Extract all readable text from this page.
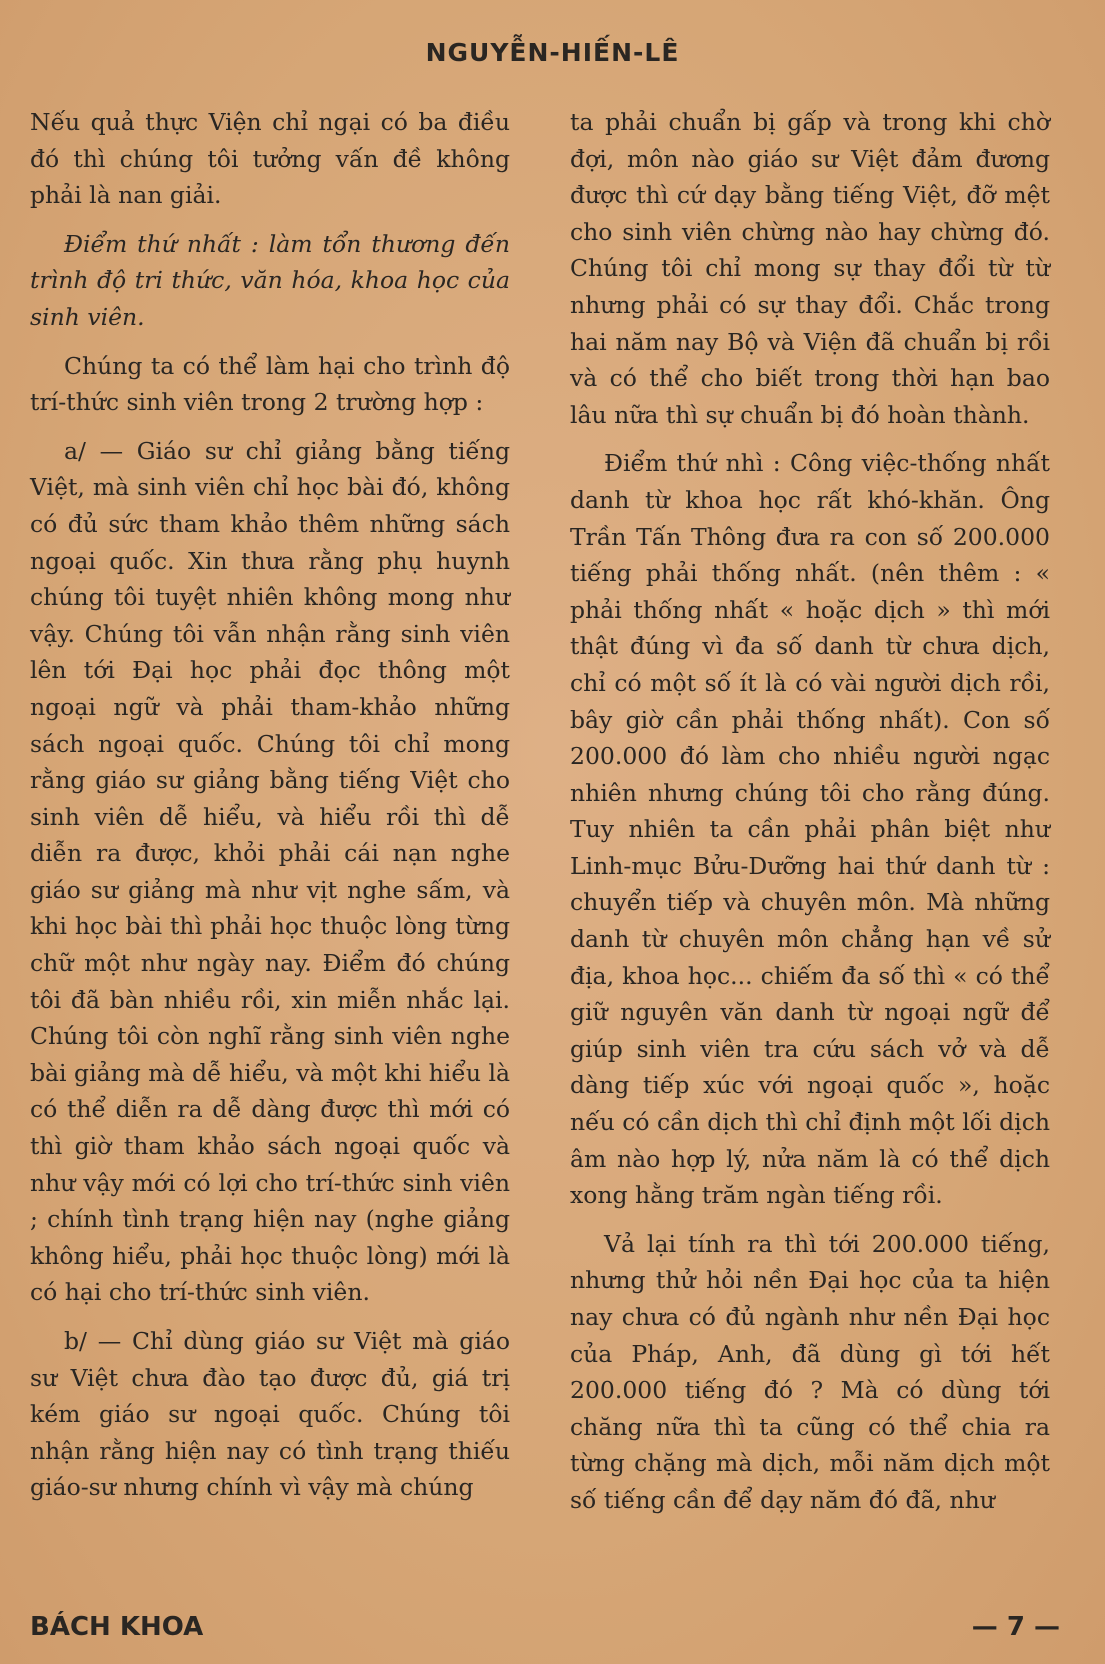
NGUYỄN-HIẾN-LÊ

Nếu quả thực Viện chỉ ngại có ba điều đó thì chúng tôi tưởng vấn đề không phải là nan giải.

Điểm thứ nhất : làm tổn thương đến trình độ tri thức, văn hóa, khoa học của sinh viên.

Chúng ta có thể làm hại cho trình độ trí-thức sinh viên trong 2 trường hợp :

a/ — Giáo sư chỉ giảng bằng tiếng Việt, mà sinh viên chỉ học bài đó, không có đủ sức tham khảo thêm những sách ngoại quốc. Xin thưa rằng phụ huynh chúng tôi tuyệt nhiên không mong như vậy. Chúng tôi vẫn nhận rằng sinh viên lên tới Đại học phải đọc thông một ngoại ngữ và phải tham-khảo những sách ngoại quốc. Chúng tôi chỉ mong rằng giáo sư giảng bằng tiếng Việt cho sinh viên dễ hiểu, và hiểu rồi thì dễ diễn ra được, khỏi phải cái nạn nghe giáo sư giảng mà như vịt nghe sấm, và khi học bài thì phải học thuộc lòng từng chữ một như ngày nay. Điểm đó chúng tôi đã bàn nhiều rồi, xin miễn nhắc lại. Chúng tôi còn nghĩ rằng sinh viên nghe bài giảng mà dễ hiểu, và một khi hiểu là có thể diễn ra dễ dàng được thì mới có thì giờ tham khảo sách ngoại quốc và như vậy mới có lợi cho trí-thức sinh viên ; chính tình trạng hiện nay (nghe giảng không hiểu, phải học thuộc lòng) mới là có hại cho trí-thức sinh viên.

b/ — Chỉ dùng giáo sư Việt mà giáo sư Việt chưa đào tạo được đủ, giá trị kém giáo sư ngoại quốc. Chúng tôi nhận rằng hiện nay có tình trạng thiếu giáo-sư nhưng chính vì vậy mà chúng

ta phải chuẩn bị gấp và trong khi chờ đợi, môn nào giáo sư Việt đảm đương được thì cứ dạy bằng tiếng Việt, đỡ mệt cho sinh viên chừng nào hay chừng đó. Chúng tôi chỉ mong sự thay đổi từ từ nhưng phải có sự thay đổi. Chắc trong hai năm nay Bộ và Viện đã chuẩn bị rồi và có thể cho biết trong thời hạn bao lâu nữa thì sự chuẩn bị đó hoàn thành.

Điểm thứ nhì : Công việc-thống nhất danh từ khoa học rất khó-khăn. Ông Trần Tấn Thông đưa ra con số 200.000 tiếng phải thống nhất. (nên thêm : « phải thống nhất « hoặc dịch » thì mới thật đúng vì đa số danh từ chưa dịch, chỉ có một số ít là có vài người dịch rồi, bây giờ cần phải thống nhất). Con số 200.000 đó làm cho nhiều người ngạc nhiên nhưng chúng tôi cho rằng đúng. Tuy nhiên ta cần phải phân biệt như Linh-mục Bửu-Dưỡng hai thứ danh từ : chuyển tiếp và chuyên môn. Mà những danh từ chuyên môn chẳng hạn về sử địa, khoa học... chiếm đa số thì « có thể giữ nguyên văn danh từ ngoại ngữ để giúp sinh viên tra cứu sách vở và dễ dàng tiếp xúc với ngoại quốc », hoặc nếu có cần dịch thì chỉ định một lối dịch âm nào hợp lý, nửa năm là có thể dịch xong hằng trăm ngàn tiếng rồi.

Vả lại tính ra thì tới 200.000 tiếng, nhưng thử hỏi nền Đại học của ta hiện nay chưa có đủ ngành như nền Đại học của Pháp, Anh, đã dùng gì tới hết 200.000 tiếng đó ? Mà có dùng tới chăng nữa thì ta cũng có thể chia ra từng chặng mà dịch, mỗi năm dịch một số tiếng cần để dạy năm đó đã, như

BÁCH KHOA	— 7 —
